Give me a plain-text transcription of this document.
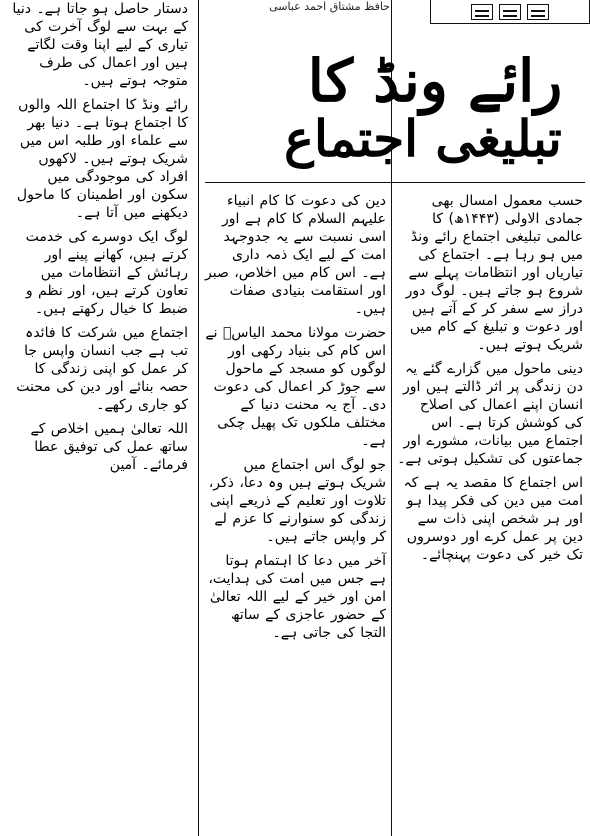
حافظ مشتاق احمد عباسی
رائے ونڈ کا
تبلیغی اجتماع

حسب معمول امسال بھی جمادی الاولی (۱۴۴۳ھ) کا عالمی تبلیغی اجتماع رائے ونڈ میں ہو رہا ہے۔ اجتماع کی تیاریاں اور انتظامات پہلے سے شروع ہو جاتے ہیں۔ لوگ دور دراز سے سفر کر کے آتے ہیں اور دعوت و تبلیغ کے کام میں شریک ہوتے ہیں۔

دینی ماحول میں گزارے گئے یہ دن زندگی پر اثر ڈالتے ہیں اور انسان اپنے اعمال کی اصلاح کی کوشش کرتا ہے۔ اس اجتماع میں بیانات، مشورے اور جماعتوں کی تشکیل ہوتی ہے۔

اس اجتماع کا مقصد یہ ہے کہ امت میں دین کی فکر پیدا ہو اور ہر شخص اپنی ذات سے دین پر عمل کرے اور دوسروں تک خیر کی دعوت پہنچائے۔

دین کی دعوت کا کام انبیاء علیہم السلام کا کام ہے اور اسی نسبت سے یہ جدوجہد امت کے لیے ایک ذمہ داری ہے۔ اس کام میں اخلاص، صبر اور استقامت بنیادی صفات ہیں۔

حضرت مولانا محمد الیاسؒ نے اس کام کی بنیاد رکھی اور لوگوں کو مسجد کے ماحول سے جوڑ کر اعمال کی دعوت دی۔ آج یہ محنت دنیا کے مختلف ملکوں تک پھیل چکی ہے۔

جو لوگ اس اجتماع میں شریک ہوتے ہیں وہ دعا، ذکر، تلاوت اور تعلیم کے ذریعے اپنی زندگی کو سنوارنے کا عزم لے کر واپس جاتے ہیں۔

آخر میں دعا کا اہتمام ہوتا ہے جس میں امت کی ہدایت، امن اور خیر کے لیے اللہ تعالیٰ کے حضور عاجزی کے ساتھ التجا کی جاتی ہے۔

دستار حاصل ہو جاتا ہے۔ دنیا کے بہت سے لوگ آخرت کی تیاری کے لیے اپنا وقت لگاتے ہیں اور اعمال کی طرف متوجہ ہوتے ہیں۔

رائے ونڈ کا اجتماع اللہ والوں کا اجتماع ہوتا ہے۔ دنیا بھر سے علماء اور طلبہ اس میں شریک ہوتے ہیں۔ لاکھوں افراد کی موجودگی میں سکون اور اطمینان کا ماحول دیکھنے میں آتا ہے۔

لوگ ایک دوسرے کی خدمت کرتے ہیں، کھانے پینے اور رہائش کے انتظامات میں تعاون کرتے ہیں، اور نظم و ضبط کا خیال رکھتے ہیں۔

اجتماع میں شرکت کا فائدہ تب ہے جب انسان واپس جا کر عمل کو اپنی زندگی کا حصہ بنائے اور دین کی محنت کو جاری رکھے۔

اللہ تعالیٰ ہمیں اخلاص کے ساتھ عمل کی توفیق عطا فرمائے۔ آمین
